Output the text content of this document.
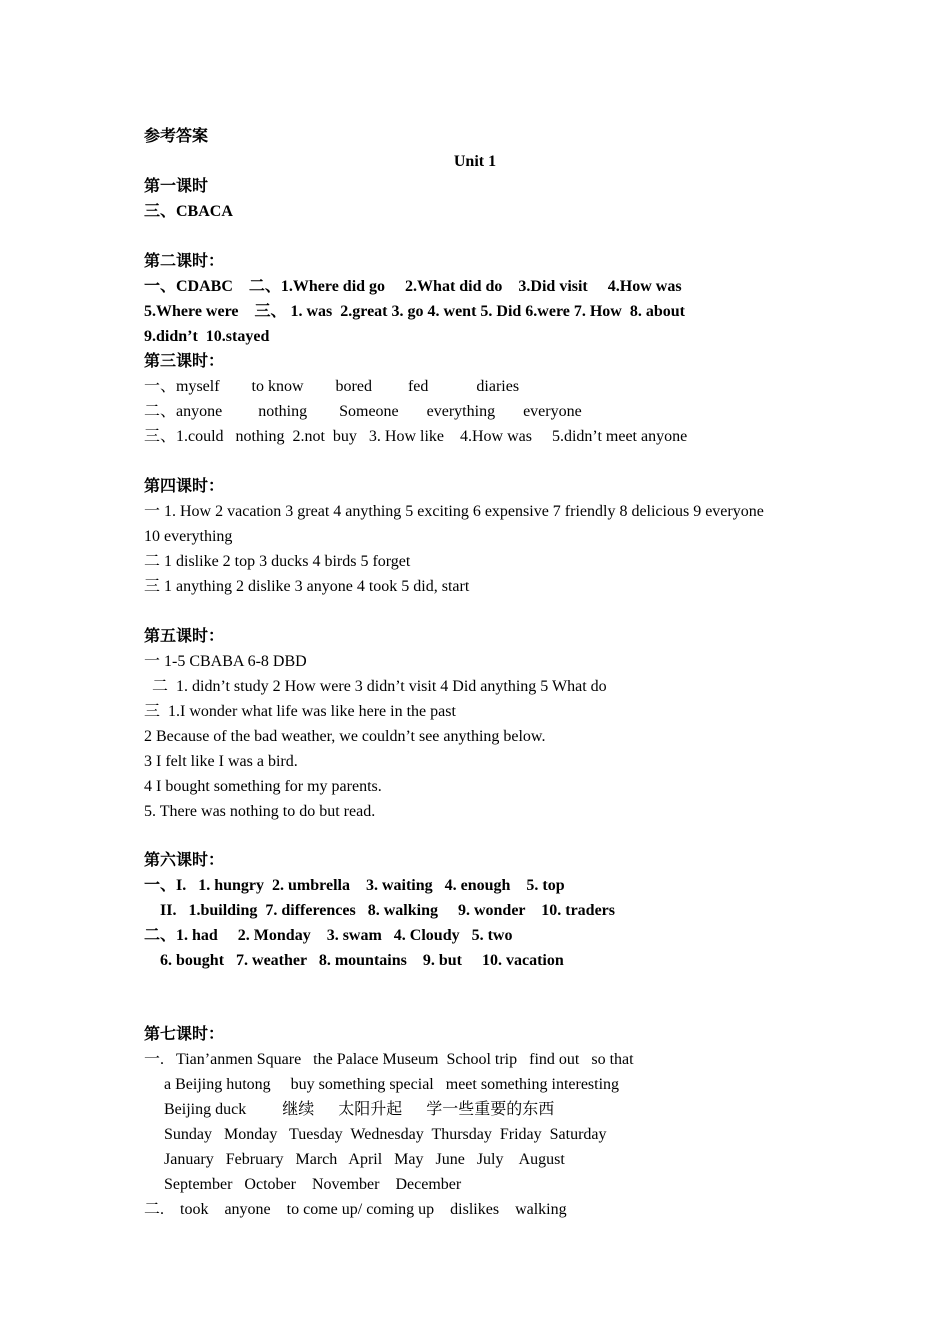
参考答案
Unit 1
第一课时
三、CBACA
第二课时：
一、CDABC    二、1.Where did go     2.What did do    3.Did visit     4.How was
5.Where were    三、 1. was  2.great 3. go 4. went 5. Did 6.were 7. How  8. about
9.didn’t  10.stayed
第三课时：
一、myself        to know        bored         fed            diaries
二、anyone         nothing        Someone       everything       everyone
三、1.could   nothing  2.not  buy   3. How like    4.How was     5.didn’t meet anyone
第四课时：
一 1. How 2 vacation 3 great 4 anything 5 exciting 6 expensive 7 friendly 8 delicious 9 everyone
10 everything
二 1 dislike 2 top 3 ducks 4 birds 5 forget
三 1 anything 2 dislike 3 anyone 4 took 5 did, start
第五课时：
一 1-5 CBABA 6-8 DBD
二  1. didn’t study 2 How were 3 didn’t visit 4 Did anything 5 What do
三  1.I wonder what life was like here in the past
2 Because of the bad weather, we couldn’t see anything below.
3 I felt like I was a bird.
4 I bought something for my parents.
5. There was nothing to do but read.
第六课时：
一、I.   1. hungry  2. umbrella    3. waiting   4. enough    5. top
II.   1.building  7. differences   8. walking     9. wonder    10. traders
二、1. had     2. Monday    3. swam   4. Cloudy   5. two
6. bought   7. weather   8. mountains    9. but     10. vacation
第七课时：
一.   Tian’anmen Square   the Palace Museum  School trip   find out   so that
a Beijing hutong     buy something special   meet something interesting
Beijing duck         继续      太阳升起      学一些重要的东西
Sunday   Monday   Tuesday  Wednesday  Thursday  Friday  Saturday
January   February   March   April   May   June   July    August
September   October    November    December
二.    took    anyone    to come up/ coming up    dislikes    walking
